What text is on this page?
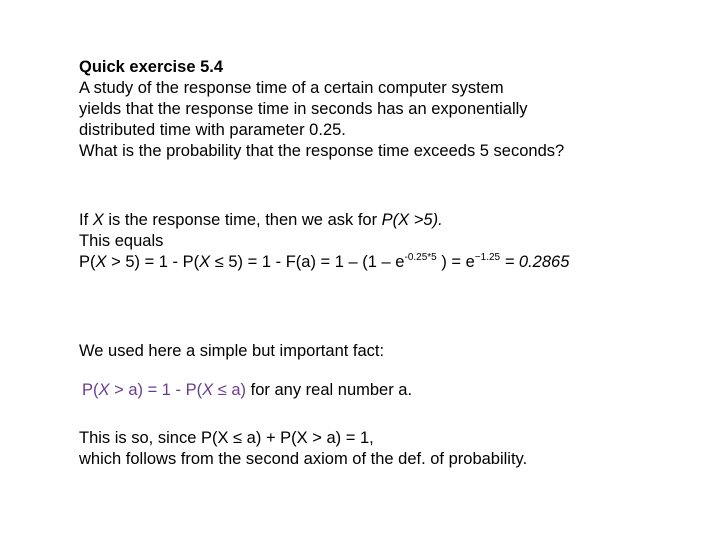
Quick exercise 5.4
A study of the response time of a certain computer system
yields that the response time in seconds has an exponentially
distributed time with parameter 0.25.
What is the probability that the response time exceeds 5 seconds?
If X is the response time, then we ask for P(X >5).
This equals
$P(X > 5) = 1 - P(X \le 5) = 1 - F(a) = 1 - (1 - e^{-0.25*5}$ ) = $e^{-1.25} = 0.2865$
We used here a simple but important fact:
P(X > a) = 1 - P(X ≤ a) for any real number a.
This is so, since P(X ≤ a) + P(X > a) = 1,
which follows from the second axiom of the def. of probability.
